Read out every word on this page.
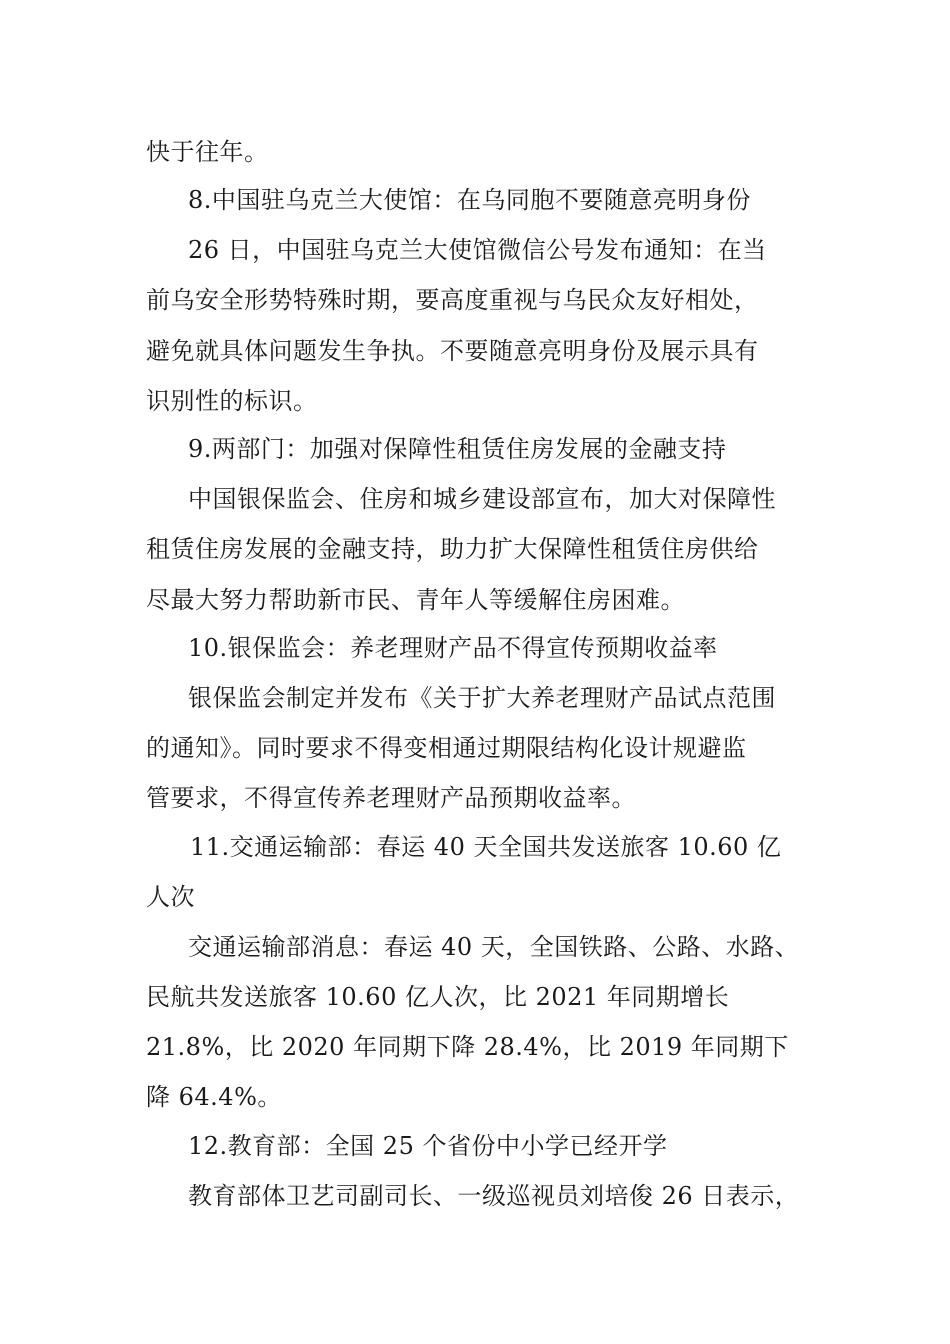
快于往年。
8.中国驻乌克兰大使馆：在乌同胞不要随意亮明身份
26 日，中国驻乌克兰大使馆微信公号发布通知：在当
前乌安全形势特殊时期，要高度重视与乌民众友好相处，
避免就具体问题发生争执。不要随意亮明身份及展示具有
识别性的标识。
9.两部门：加强对保障性租赁住房发展的金融支持
中国银保监会、住房和城乡建设部宣布，加大对保障性
租赁住房发展的金融支持，助力扩大保障性租赁住房供给
尽最大努力帮助新市民、青年人等缓解住房困难。
10.银保监会：养老理财产品不得宣传预期收益率
银保监会制定并发布《关于扩大养老理财产品试点范围
的通知》。同时要求不得变相通过期限结构化设计规避监
管要求，不得宣传养老理财产品预期收益率。
11.交通运输部：春运 40 天全国共发送旅客 10.60 亿
人次
交通运输部消息：春运 40 天，全国铁路、公路、水路、
民航共发送旅客 10.60 亿人次，比 2021 年同期增长
21.8%，比 2020 年同期下降 28.4%，比 2019 年同期下
降 64.4%。
12.教育部：全国 25 个省份中小学已经开学
教育部体卫艺司副司长、一级巡视员刘培俊 26 日表示，
